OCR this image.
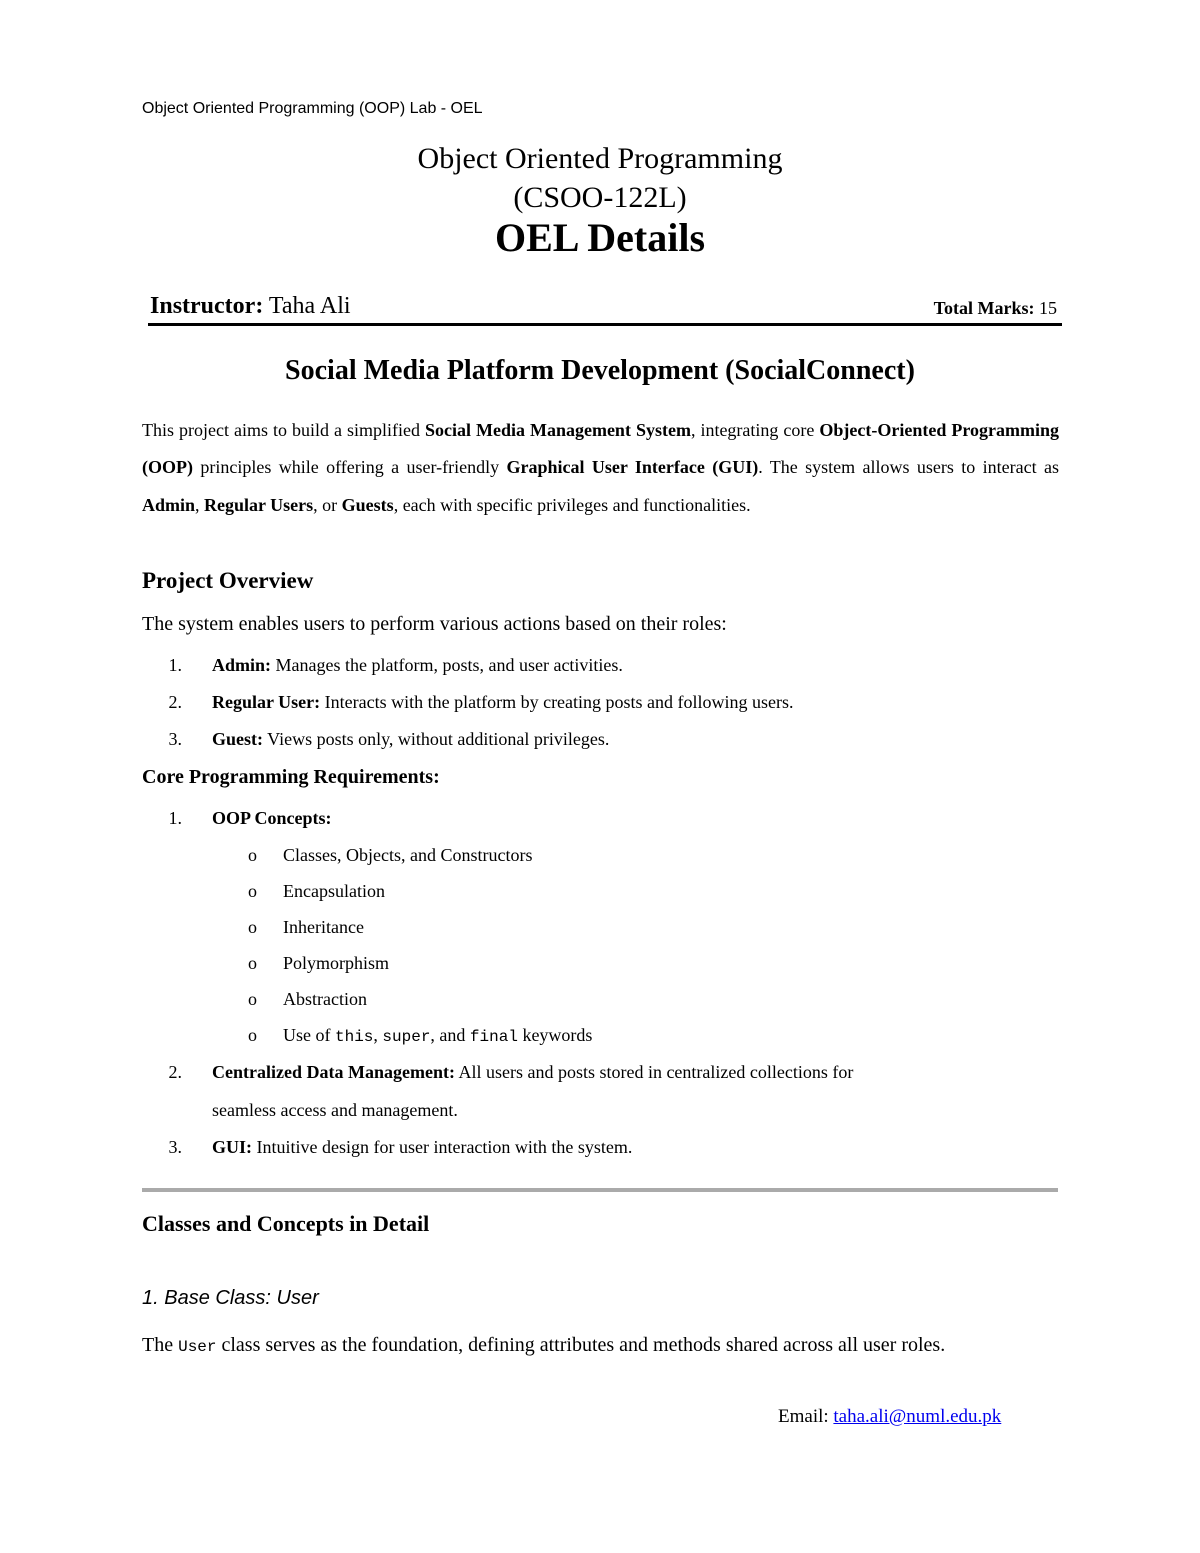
Object Oriented Programming (OOP) Lab - OEL
Object Oriented Programming
(CSOO-122L)
OEL Details
Instructor: Taha Ali	Total Marks: 15
Social Media Platform Development (SocialConnect)

This project aims to build a simplified Social Media Management System, integrating core Object-Oriented Programming (OOP) principles while offering a user-friendly Graphical User Interface (GUI). The system allows users to interact as Admin, Regular Users, or Guests, each with specific privileges and functionalities.

Project Overview
The system enables users to perform various actions based on their roles:
1. Admin: Manages the platform, posts, and user activities.
2. Regular User: Interacts with the platform by creating posts and following users.
3. Guest: Views posts only, without additional privileges.
Core Programming Requirements:
1. OOP Concepts:
o Classes, Objects, and Constructors
o Encapsulation
o Inheritance
o Polymorphism
o Abstraction
o Use of this, super, and final keywords
2. Centralized Data Management: All users and posts stored in centralized collections for
seamless access and management.
3. GUI: Intuitive design for user interaction with the system.
Classes and Concepts in Detail
1. Base Class: User
The User class serves as the foundation, defining attributes and methods shared across all user roles.
Email: taha.ali@numl.edu.pk
